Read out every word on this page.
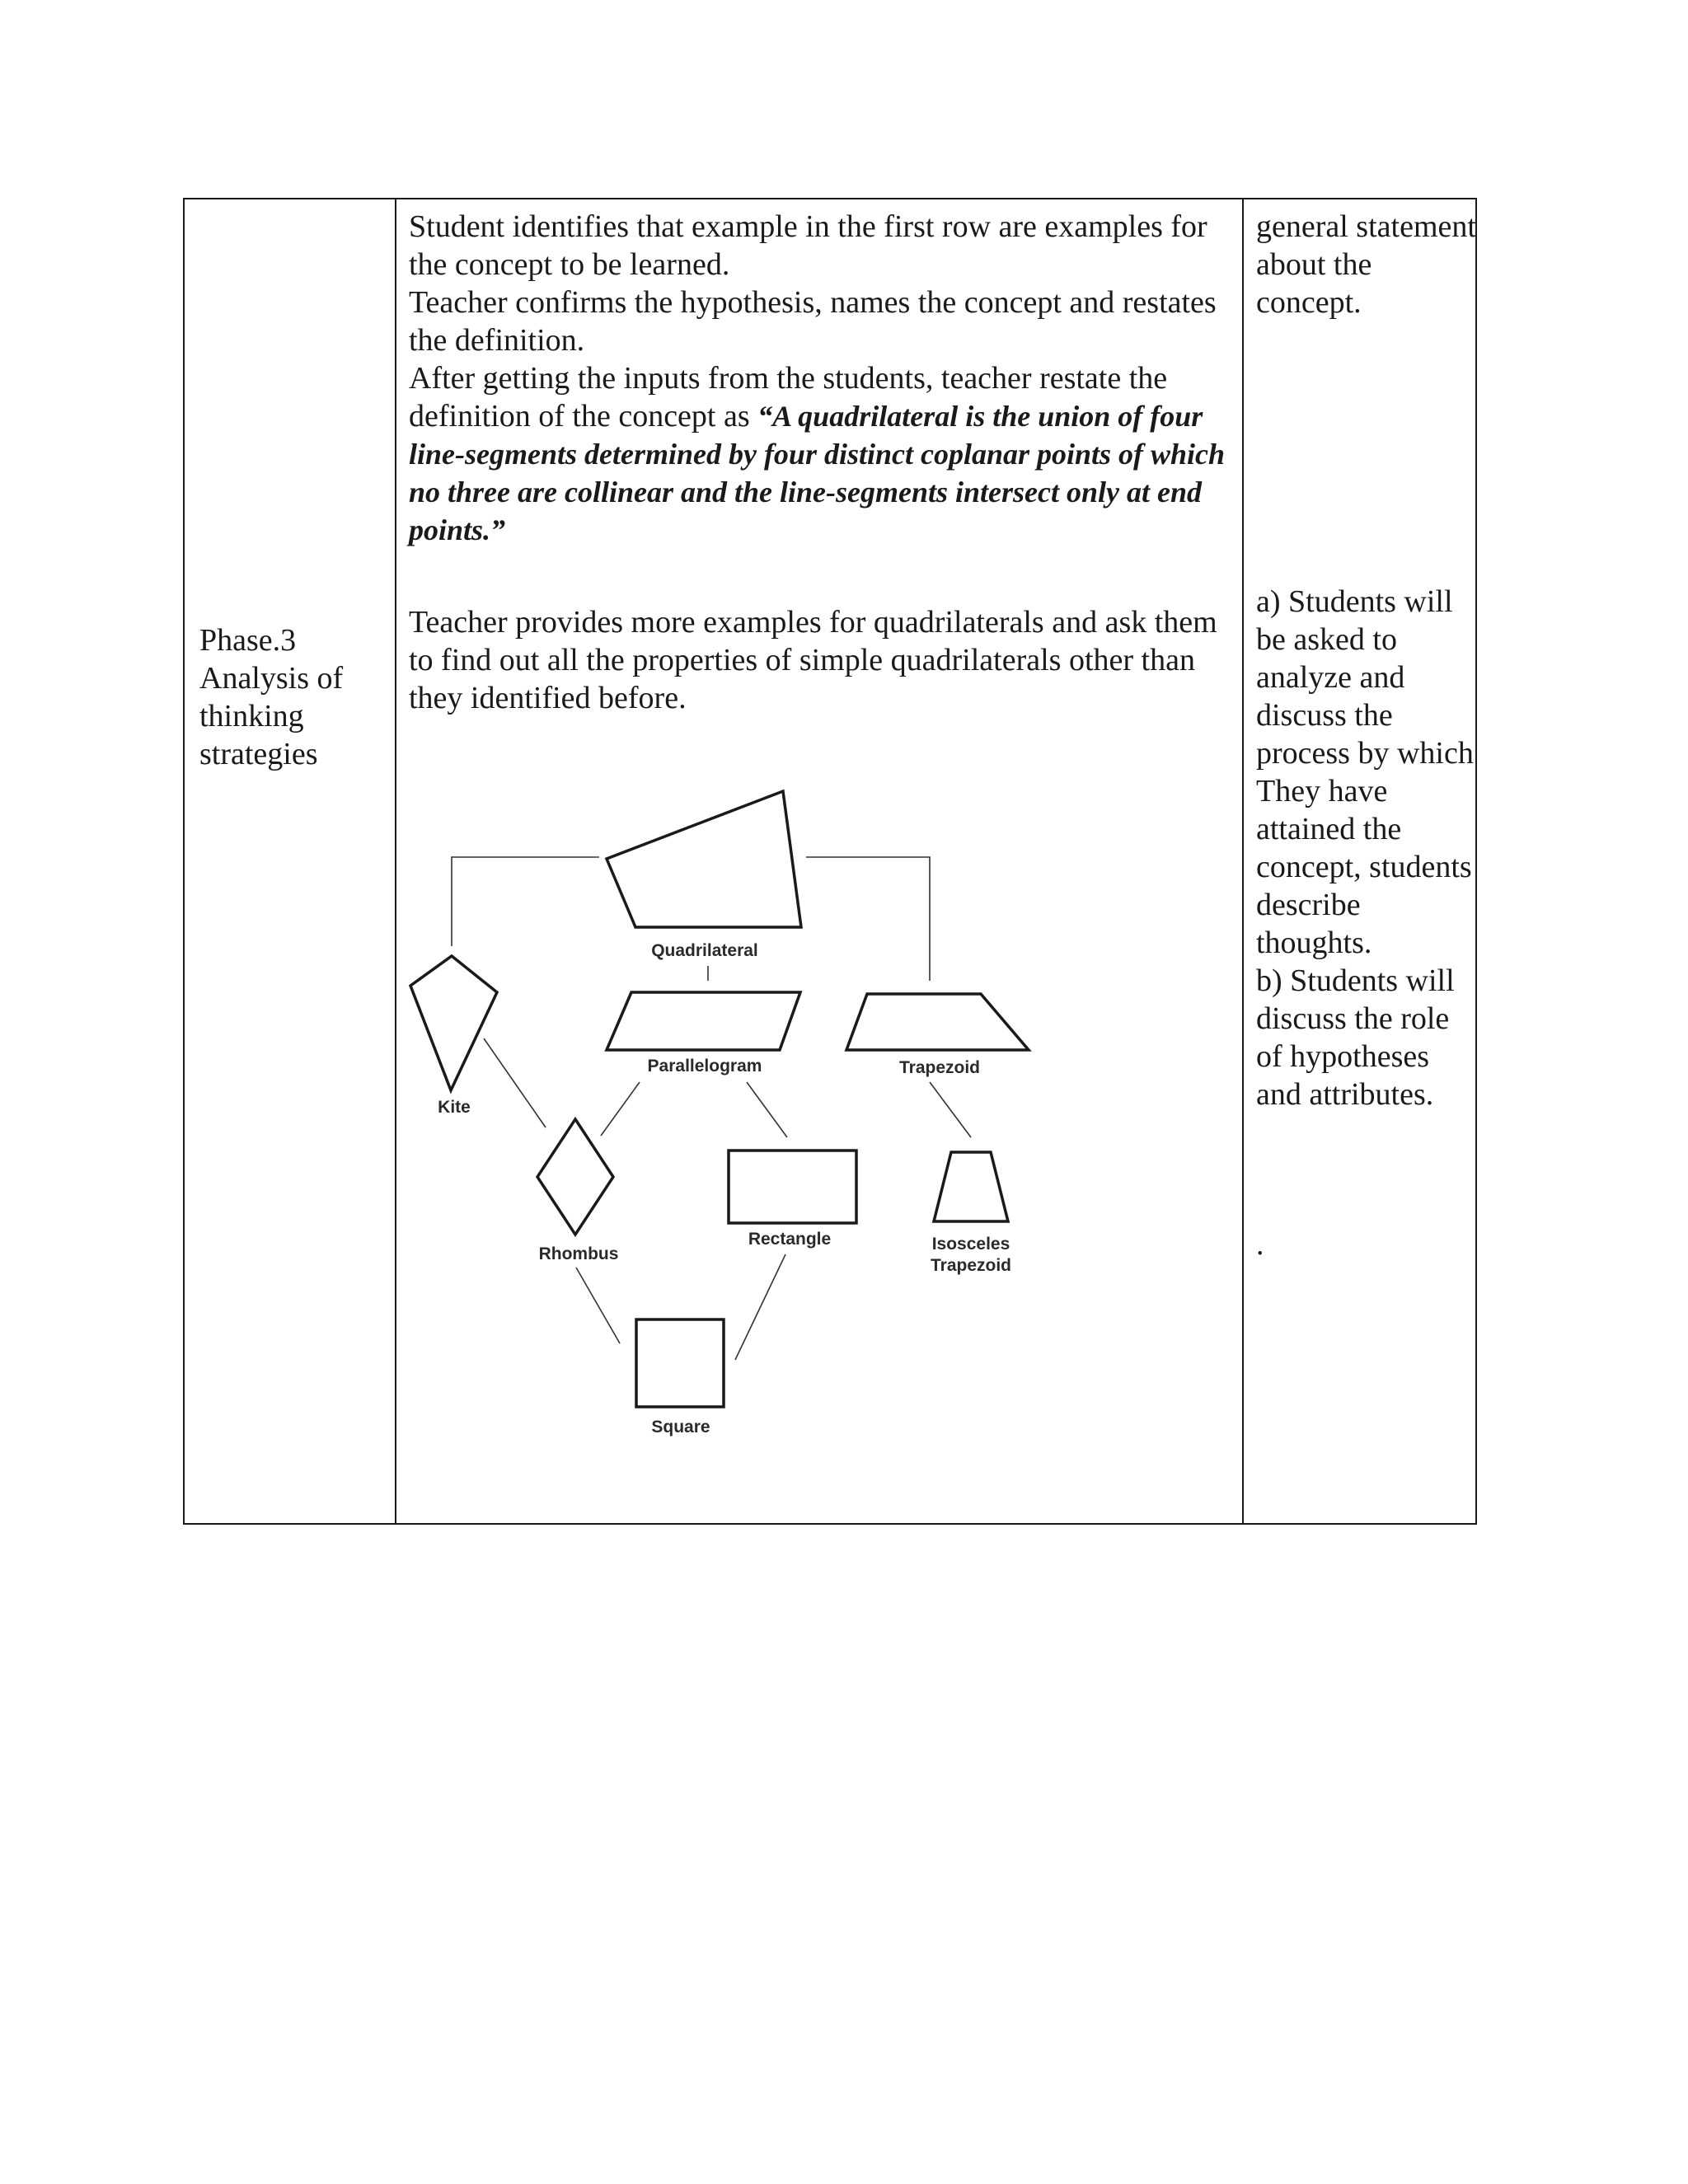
Phase.3
Analysis of
thinking
strategies

Student identifies that example in the first row are examples for the concept to be learned.

Teacher confirms the hypothesis, names the concept and restates the definition.

After getting the inputs from the students, teacher restate the definition of the concept as “A quadrilateral is the union of four line-segments determined by four distinct coplanar points of which no three are collinear and the line-segments intersect only at end points.”

Teacher provides more examples for quadrilaterals and ask them to find out all the properties of simple quadrilaterals other than they identified before.
general statement about the concept.
a) Students will be asked to analyze and discuss the process by which They have attained the concept, students describe thoughts.
b) Students will discuss the role of hypotheses and attributes.
.
Quadrilateral
Parallelogram	Trapezoid
Kite
Rhombus
Rectangle	Isosceles
Trapezoid
Square
